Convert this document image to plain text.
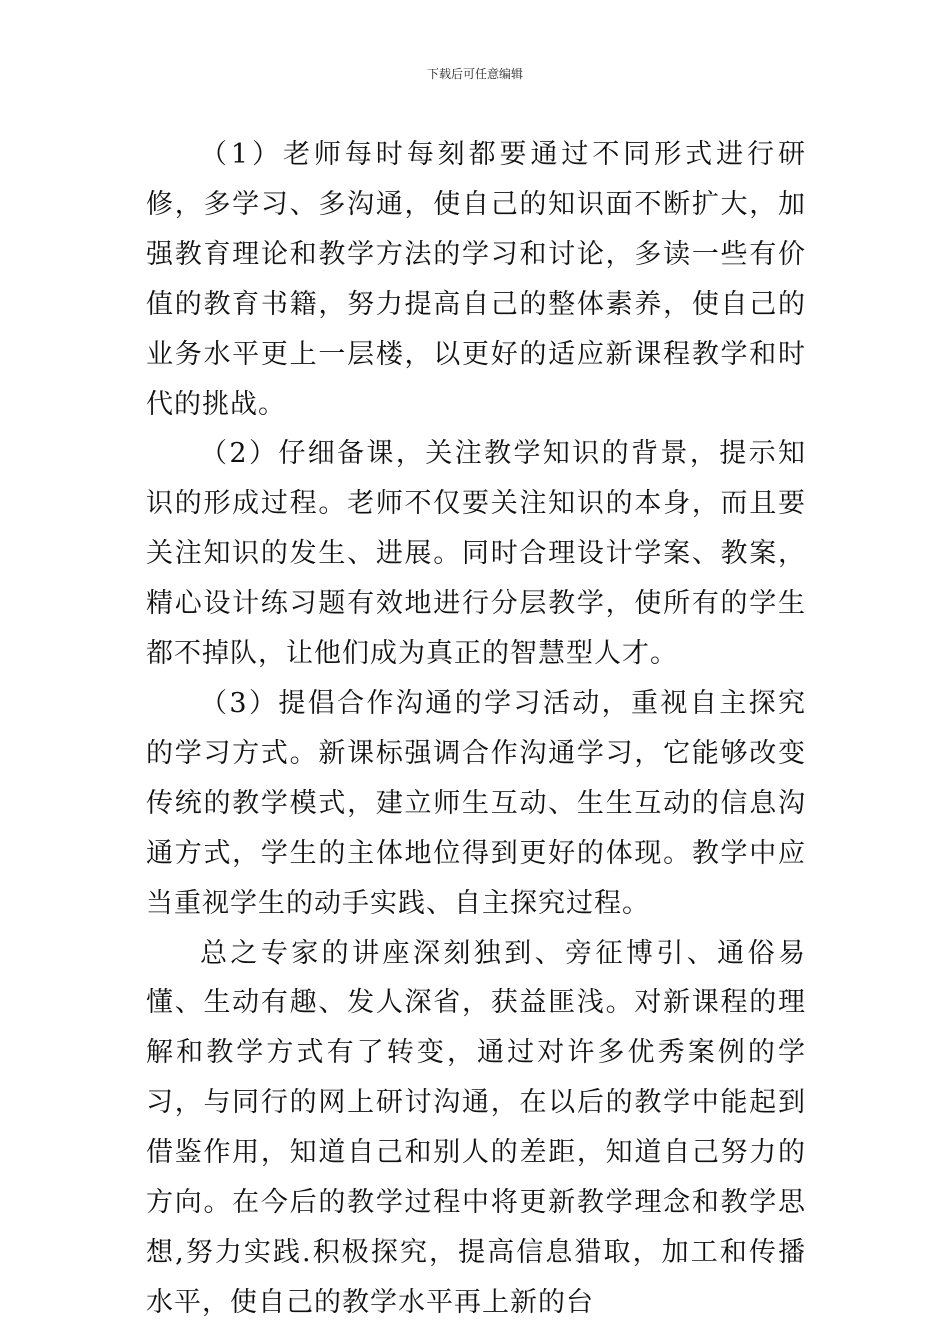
下载后可任意编辑

（1）老师每时每刻都要通过不同形式进行研修，多学习、多沟通，使自己的知识面不断扩大，加强教育理论和教学方法的学习和讨论，多读一些有价值的教育书籍，努力提高自己的整体素养，使自己的业务水平更上一层楼，以更好的适应新课程教学和时代的挑战。

（2）仔细备课，关注教学知识的背景，提示知识的形成过程。老师不仅要关注知识的本身，而且要关注知识的发生、进展。同时合理设计学案、教案，精心设计练习题有效地进行分层教学，使所有的学生都不掉队，让他们成为真正的智慧型人才。

（3）提倡合作沟通的学习活动，重视自主探究的学习方式。新课标强调合作沟通学习，它能够改变传统的教学模式，建立师生互动、生生互动的信息沟通方式，学生的主体地位得到更好的体现。教学中应当重视学生的动手实践、自主探究过程。

总之专家的讲座深刻独到、旁征博引、通俗易懂、生动有趣、发人深省，获益匪浅。对新课程的理解和教学方式有了转变，通过对许多优秀案例的学习，与同行的网上研讨沟通，在以后的教学中能起到借鉴作用，知道自己和别人的差距，知道自己努力的方向。在今后的教学过程中将更新教学理念和教学思想,努力实践.积极探究，提高信息猎取，加工和传播水平，使自己的教学水平再上新的台
